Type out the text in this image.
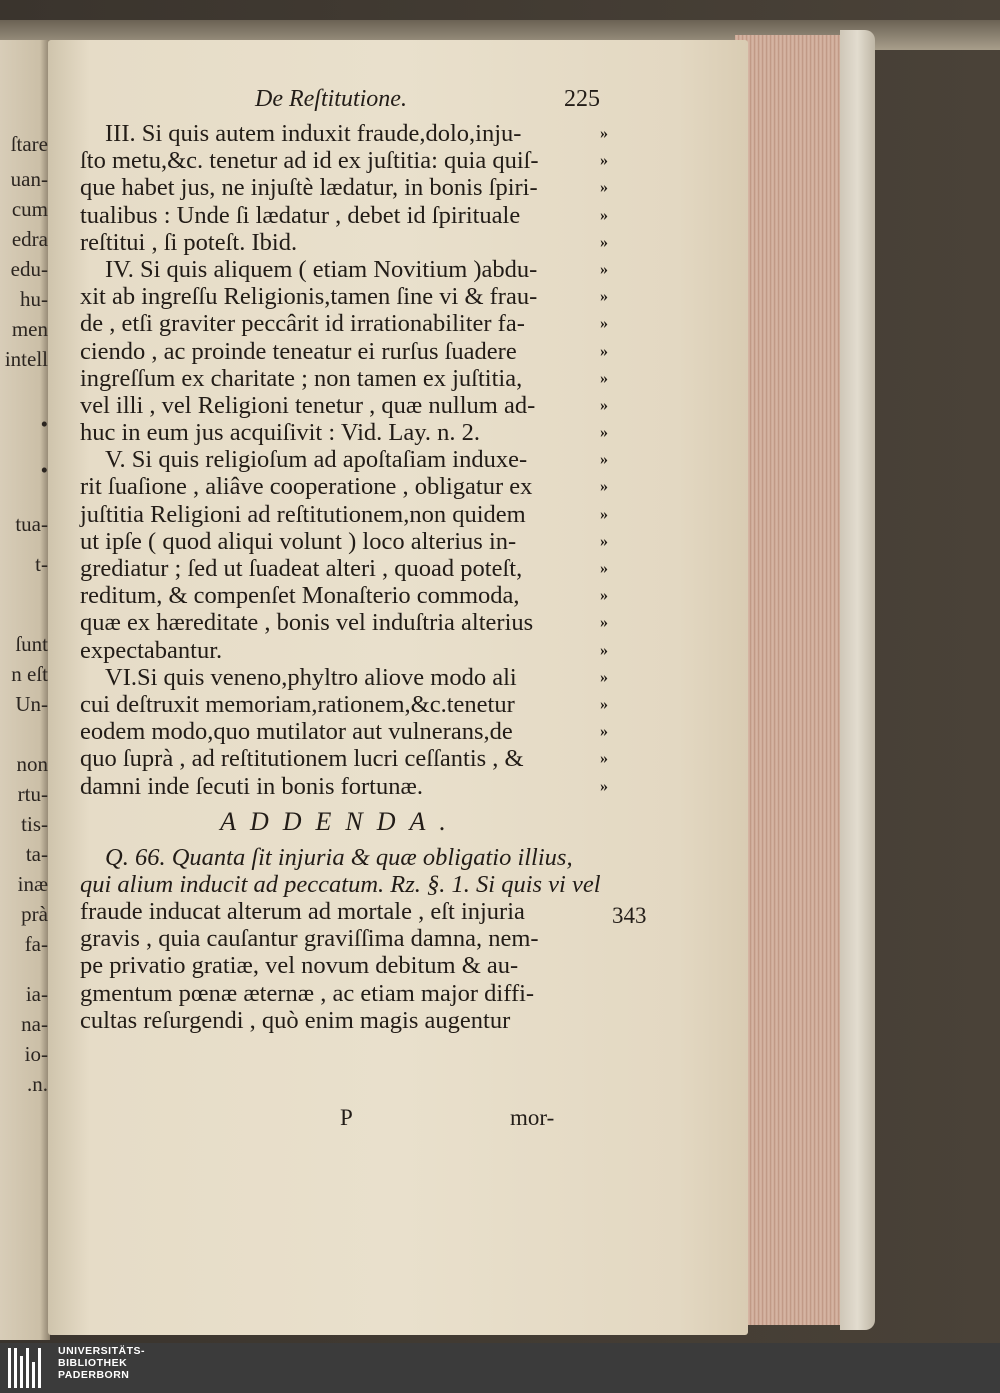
ſtare
uan-
cum
edra
edu-
hu-
men
intell
•
•
tua-
t-
ſunt
n eſt
Un-
non
rtu-
tis-
ta-
inæ
prà
fa-
ia-
na-
io-
.n.
De Reſtitutione.	225
III. Si quis autem induxit fraude,dolo,inju-	»
ſto metu,&c. tenetur ad id ex juſtitia: quia quiſ-	»
que habet jus, ne injuſtè lædatur, in bonis ſpiri-	»
tualibus : Unde ſi lædatur , debet id ſpirituale	»
reſtitui , ſi poteſt. Ibid.	»
IV. Si quis aliquem ( etiam Novitium )abdu-	»
xit ab ingreſſu Religionis,tamen ſine vi & frau-	»
de , etſi graviter peccârit id irrationabiliter fa-	»
ciendo , ac proinde teneatur ei rurſus ſuadere	»
ingreſſum ex charitate ; non tamen ex juſtitia,	»
vel illi , vel Religioni tenetur , quæ nullum ad-	»
huc in eum jus acquiſivit : Vid. Lay. n. 2.	»
V. Si quis religioſum ad apoſtaſiam induxe-	»
rit ſuaſione , aliâve cooperatione , obligatur ex	»
juſtitia Religioni ad reſtitutionem,non quidem	»
ut ipſe ( quod aliqui volunt ) loco alterius in-	»
grediatur ; ſed ut ſuadeat alteri , quoad poteſt,	»
reditum, & compenſet Monaſterio commoda,	»
quæ ex hæreditate , bonis vel induſtria alterius	»
expectabantur.	»
VI.Si quis veneno,phyltro aliove modo ali	»
cui deſtruxit memoriam,rationem,&c.tenetur	»
eodem modo,quo mutilator aut vulnerans,de	»
quo ſuprà , ad reſtitutionem lucri ceſſantis , &	»
damni inde ſecuti in bonis fortunæ.	»
ADDENDA.
Q. 66. Quanta ſit injuria & quæ obligatio illius,
qui alium inducit ad peccatum. Rz. §. 1. Si quis vi vel
fraude inducat alterum ad mortale , eſt injuria
gravis , quia cauſantur graviſſima damna, nem-
pe privatio gratiæ, vel novum debitum & au-
gmentum pœnæ æternæ , ac etiam major diffi-
cultas reſurgendi , quò enim magis augentur
343
P	mor-
UNIVERSITÄTS-
BIBLIOTHEK
PADERBORN
